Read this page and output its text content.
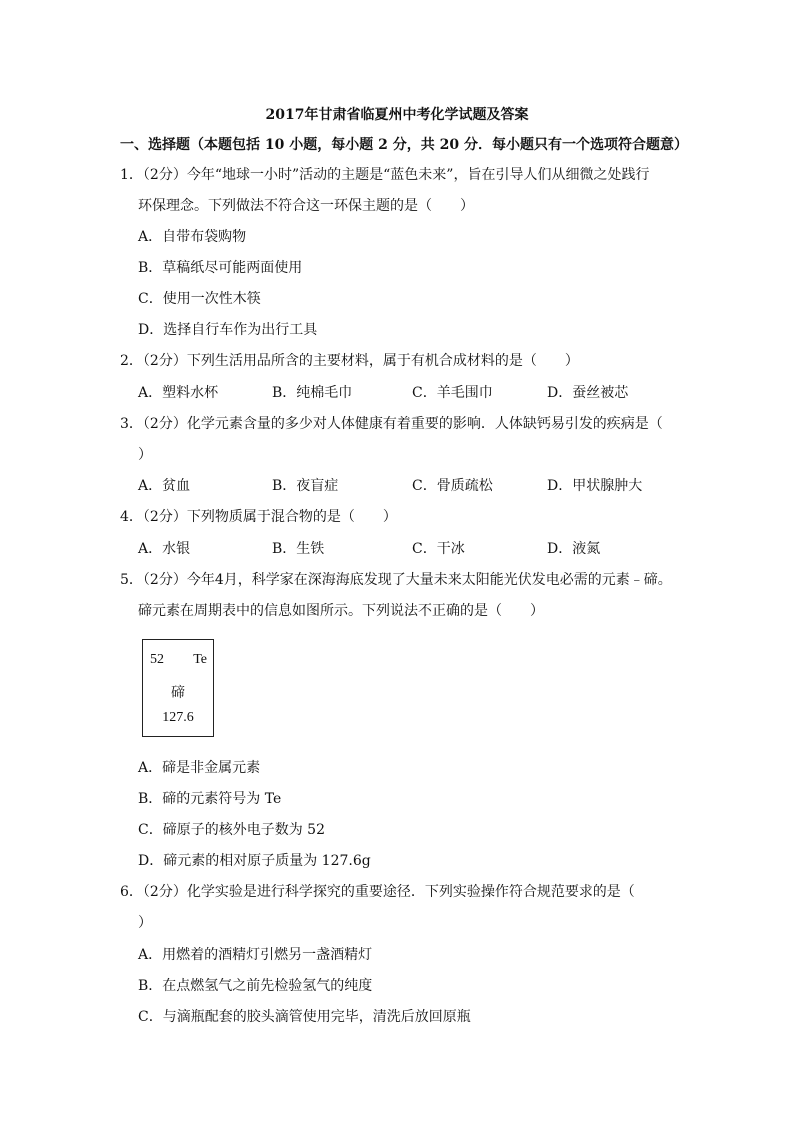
2017年甘肃省临夏州中考化学试题及答案
一、选择题（本题包括 10 小题，每小题 2 分，共 20 分．每小题只有一个选项符合题意）
1．（2分）今年“地球一小时”活动的主题是“蓝色未来”，旨在引导人们从细微之处践行
环保理念。下列做法不符合这一环保主题的是（　　）
A．自带布袋购物
B．草稿纸尽可能两面使用
C．使用一次性木筷
D．选择自行车作为出行工具
2．（2分）下列生活用品所含的主要材料，属于有机合成材料的是（　　）
A．塑料水杯	B．纯棉毛巾	C．羊毛围巾	D．蚕丝被芯
3．（2分）化学元素含量的多少对人体健康有着重要的影响．人体缺钙易引发的疾病是（
）
A．贫血	B．夜盲症	C．骨质疏松	D．甲状腺肿大
4．（2分）下列物质属于混合物的是（　　）
A．水银	B．生铁	C．干冰	D．液氮
5．（2分）今年4月，科学家在深海海底发现了大量未来太阳能光伏发电必需的元素﹣碲。
碲元素在周期表中的信息如图所示。下列说法不正确的是（　　）
52 Te
碲
127.6
A．碲是非金属元素
B．碲的元素符号为 Te
C．碲原子的核外电子数为 52
D．碲元素的相对原子质量为 127.6g
6．（2分）化学实验是进行科学探究的重要途径．下列实验操作符合规范要求的是（
）
A．用燃着的酒精灯引燃另一盏酒精灯
B．在点燃氢气之前先检验氢气的纯度
C．与滴瓶配套的胶头滴管使用完毕，清洗后放回原瓶
